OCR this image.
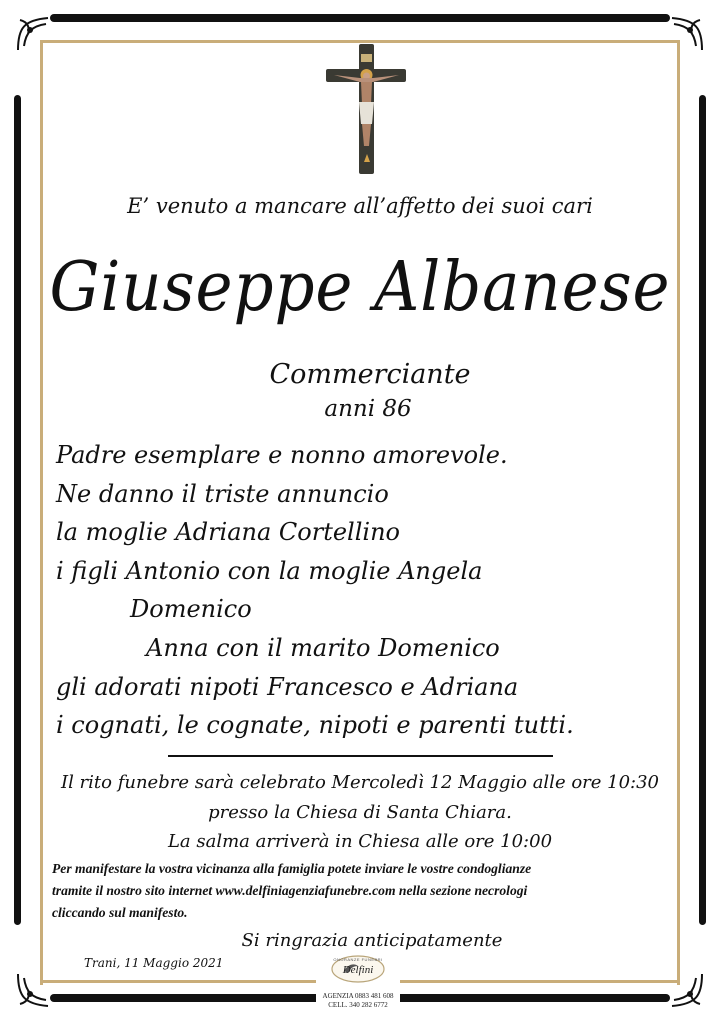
E’ venuto a mancare all’affetto dei suoi cari
Giuseppe Albanese
Commerciante
anni 86
Padre esemplare e nonno amorevole.
Ne danno il triste annuncio
la moglie Adriana Cortellino
i figli Antonio con la moglie Angela
Domenico
Anna con il marito Domenico
gli adorati nipoti Francesco e Adriana
i cognati, le cognate, nipoti e parenti tutti.
Il rito funebre sarà celebrato Mercoledì 12 Maggio alle ore 10:30
presso la Chiesa di Santa Chiara.
La salma arriverà in Chiesa alle ore 10:00
Per manifestare la vostra vicinanza alla famiglia potete inviare le vostre condoglianze
tramite il nostro sito internet www.delfiniagenziafunebre.com nella sezione necrologi
cliccando sul manifesto.
Si ringrazia anticipatamente
Trani, 11 Maggio 2021	ONORANZE FUNEBRI
Delfini
AGENZIA 0883 481 608
CELL. 340 282 6772
